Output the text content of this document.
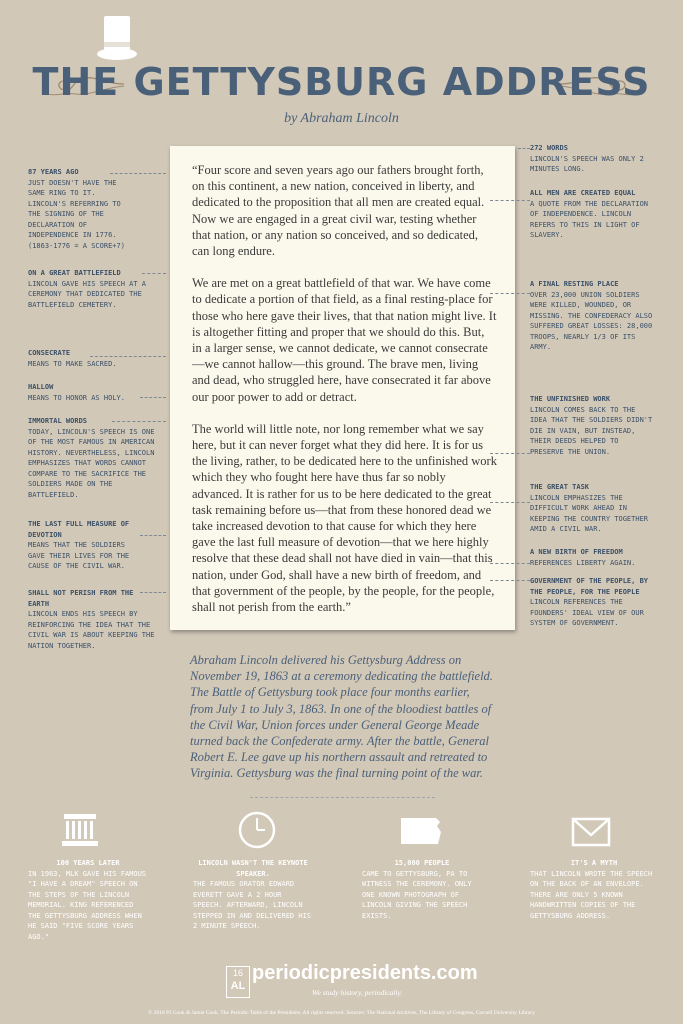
THE GETTYSBURG ADDRESS
by Abraham Lincoln

“Four score and seven years ago our fathers brought forth, on this continent, a new nation, conceived in liberty, and dedicated to the proposition that all men are created equal. Now we are engaged in a great civil war, testing whether that nation, or any nation so conceived, and so dedicated, can long endure.

We are met on a great battlefield of that war. We have come to dedicate a portion of that field, as a final resting-place for those who here gave their lives, that that nation might live. It is altogether fitting and proper that we should do this. But, in a larger sense, we cannot dedicate, we cannot consecrate—we cannot hallow—this ground. The brave men, living and dead, who struggled here, have consecrated it far above our poor power to add or detract.

The world will little note, nor long remember what we say here, but it can never forget what they did here. It is for us the living, rather, to be dedicated here to the unfinished work which they who fought here have thus far so nobly advanced. It is rather for us to be here dedicated to the great task remaining before us—that from these honored dead we take increased devotion to that cause for which they here gave the last full measure of devotion—that we here highly resolve that these dead shall not have died in vain—that this nation, under God, shall have a new birth of freedom, and that government of the people, by the people, for the people, shall not perish from the earth.”

87 YEARS AGO
JUST DOESN'T HAVE THE SAME RING TO IT. LINCOLN'S REFERRING TO THE SIGNING OF THE DECLARATION OF INDEPENDENCE IN 1776. (1863-1776 = A SCORE+7)
ON A GREAT BATTLEFIELD
LINCOLN GAVE HIS SPEECH AT A CEREMONY THAT DEDICATED THE BATTLEFIELD CEMETERY.
CONSECRATE
MEANS TO MAKE SACRED.
HALLOW
MEANS TO HONOR AS HOLY.
IMMORTAL WORDS
TODAY, LINCOLN'S SPEECH IS ONE OF THE MOST FAMOUS IN AMERICAN HISTORY. NEVERTHELESS, LINCOLN EMPHASIZES THAT WORDS CANNOT COMPARE TO THE SACRIFICE THE SOLDIERS MADE ON THE BATTLEFIELD.
THE LAST FULL MEASURE OF DEVOTION
MEANS THAT THE SOLDIERS GAVE THEIR LIVES FOR THE CAUSE OF THE CIVIL WAR.
SHALL NOT PERISH FROM THE EARTH
LINCOLN ENDS HIS SPEECH BY REINFORCING THE IDEA THAT THE CIVIL WAR IS ABOUT KEEPING THE NATION TOGETHER.
272 WORDS
LINCOLN'S SPEECH WAS ONLY 2 MINUTES LONG.
ALL MEN ARE CREATED EQUAL
A QUOTE FROM THE DECLARATION OF INDEPENDENCE. LINCOLN REFERS TO THIS IN LIGHT OF SLAVERY.
A FINAL RESTING PLACE
OVER 23,000 UNION SOLDIERS WERE KILLED, WOUNDED, OR MISSING. THE CONFEDERACY ALSO SUFFERED GREAT LOSSES: 28,000 TROOPS, NEARLY 1/3 OF ITS ARMY.
THE UNFINISHED WORK
LINCOLN COMES BACK TO THE IDEA THAT THE SOLDIERS DIDN'T DIE IN VAIN, BUT INSTEAD, THEIR DEEDS HELPED TO PRESERVE THE UNION.
THE GREAT TASK
LINCOLN EMPHASIZES THE DIFFICULT WORK AHEAD IN KEEPING THE COUNTRY TOGETHER AMID A CIVIL WAR.
A NEW BIRTH OF FREEDOM
REFERENCES LIBERTY AGAIN.
GOVERNMENT OF THE PEOPLE, BY THE PEOPLE, FOR THE PEOPLE
LINCOLN REFERENCES THE FOUNDERS' IDEAL VIEW OF OUR SYSTEM OF GOVERNMENT.
Abraham Lincoln delivered his Gettysburg Address on November 19, 1863 at a ceremony dedicating the battlefield. The Battle of Gettysburg took place four months earlier, from July 1 to July 3, 1863. In one of the bloodiest battles of the Civil War, Union forces under General George Meade turned back the Confederate army. After the battle, General Robert E. Lee gave up his northern assault and retreated to Virginia. Gettysburg was the final turning point of the war.
100 YEARS LATER
IN 1963, MLK GAVE HIS FAMOUS "I HAVE A DREAM" SPEECH ON THE STEPS OF THE LINCOLN MEMORIAL. KING REFERENCED THE GETTYSBURG ADDRESS WHEN HE SAID "FIVE SCORE YEARS AGO."
LINCOLN WASN'T THE KEYNOTE SPEAKER.
THE FAMOUS ORATOR EDWARD EVERETT GAVE A 2 HOUR SPEECH. AFTERWARD, LINCOLN STEPPED IN AND DELIVERED HIS 2 MINUTE SPEECH.
15,000 PEOPLE
CAME TO GETTYSBURG, PA TO WITNESS THE CEREMONY. ONLY ONE KNOWN PHOTOGRAPH OF LINCOLN GIVING THE SPEECH EXISTS.
IT'S A MYTH
THAT LINCOLN WROTE THE SPEECH ON THE BACK OF AN ENVELOPE. THERE ARE ONLY 5 KNOWN HANDWRITTEN COPIES OF THE GETTYSBURG ADDRESS.
16
AL
periodicpresidents.com
We study history, periodically.
© 2018 PJ Cook & Jamie Cook. The Periodic Table of the Presidents. All rights reserved. Sources: The National Archives, The Library of Congress, Cornell University Library
